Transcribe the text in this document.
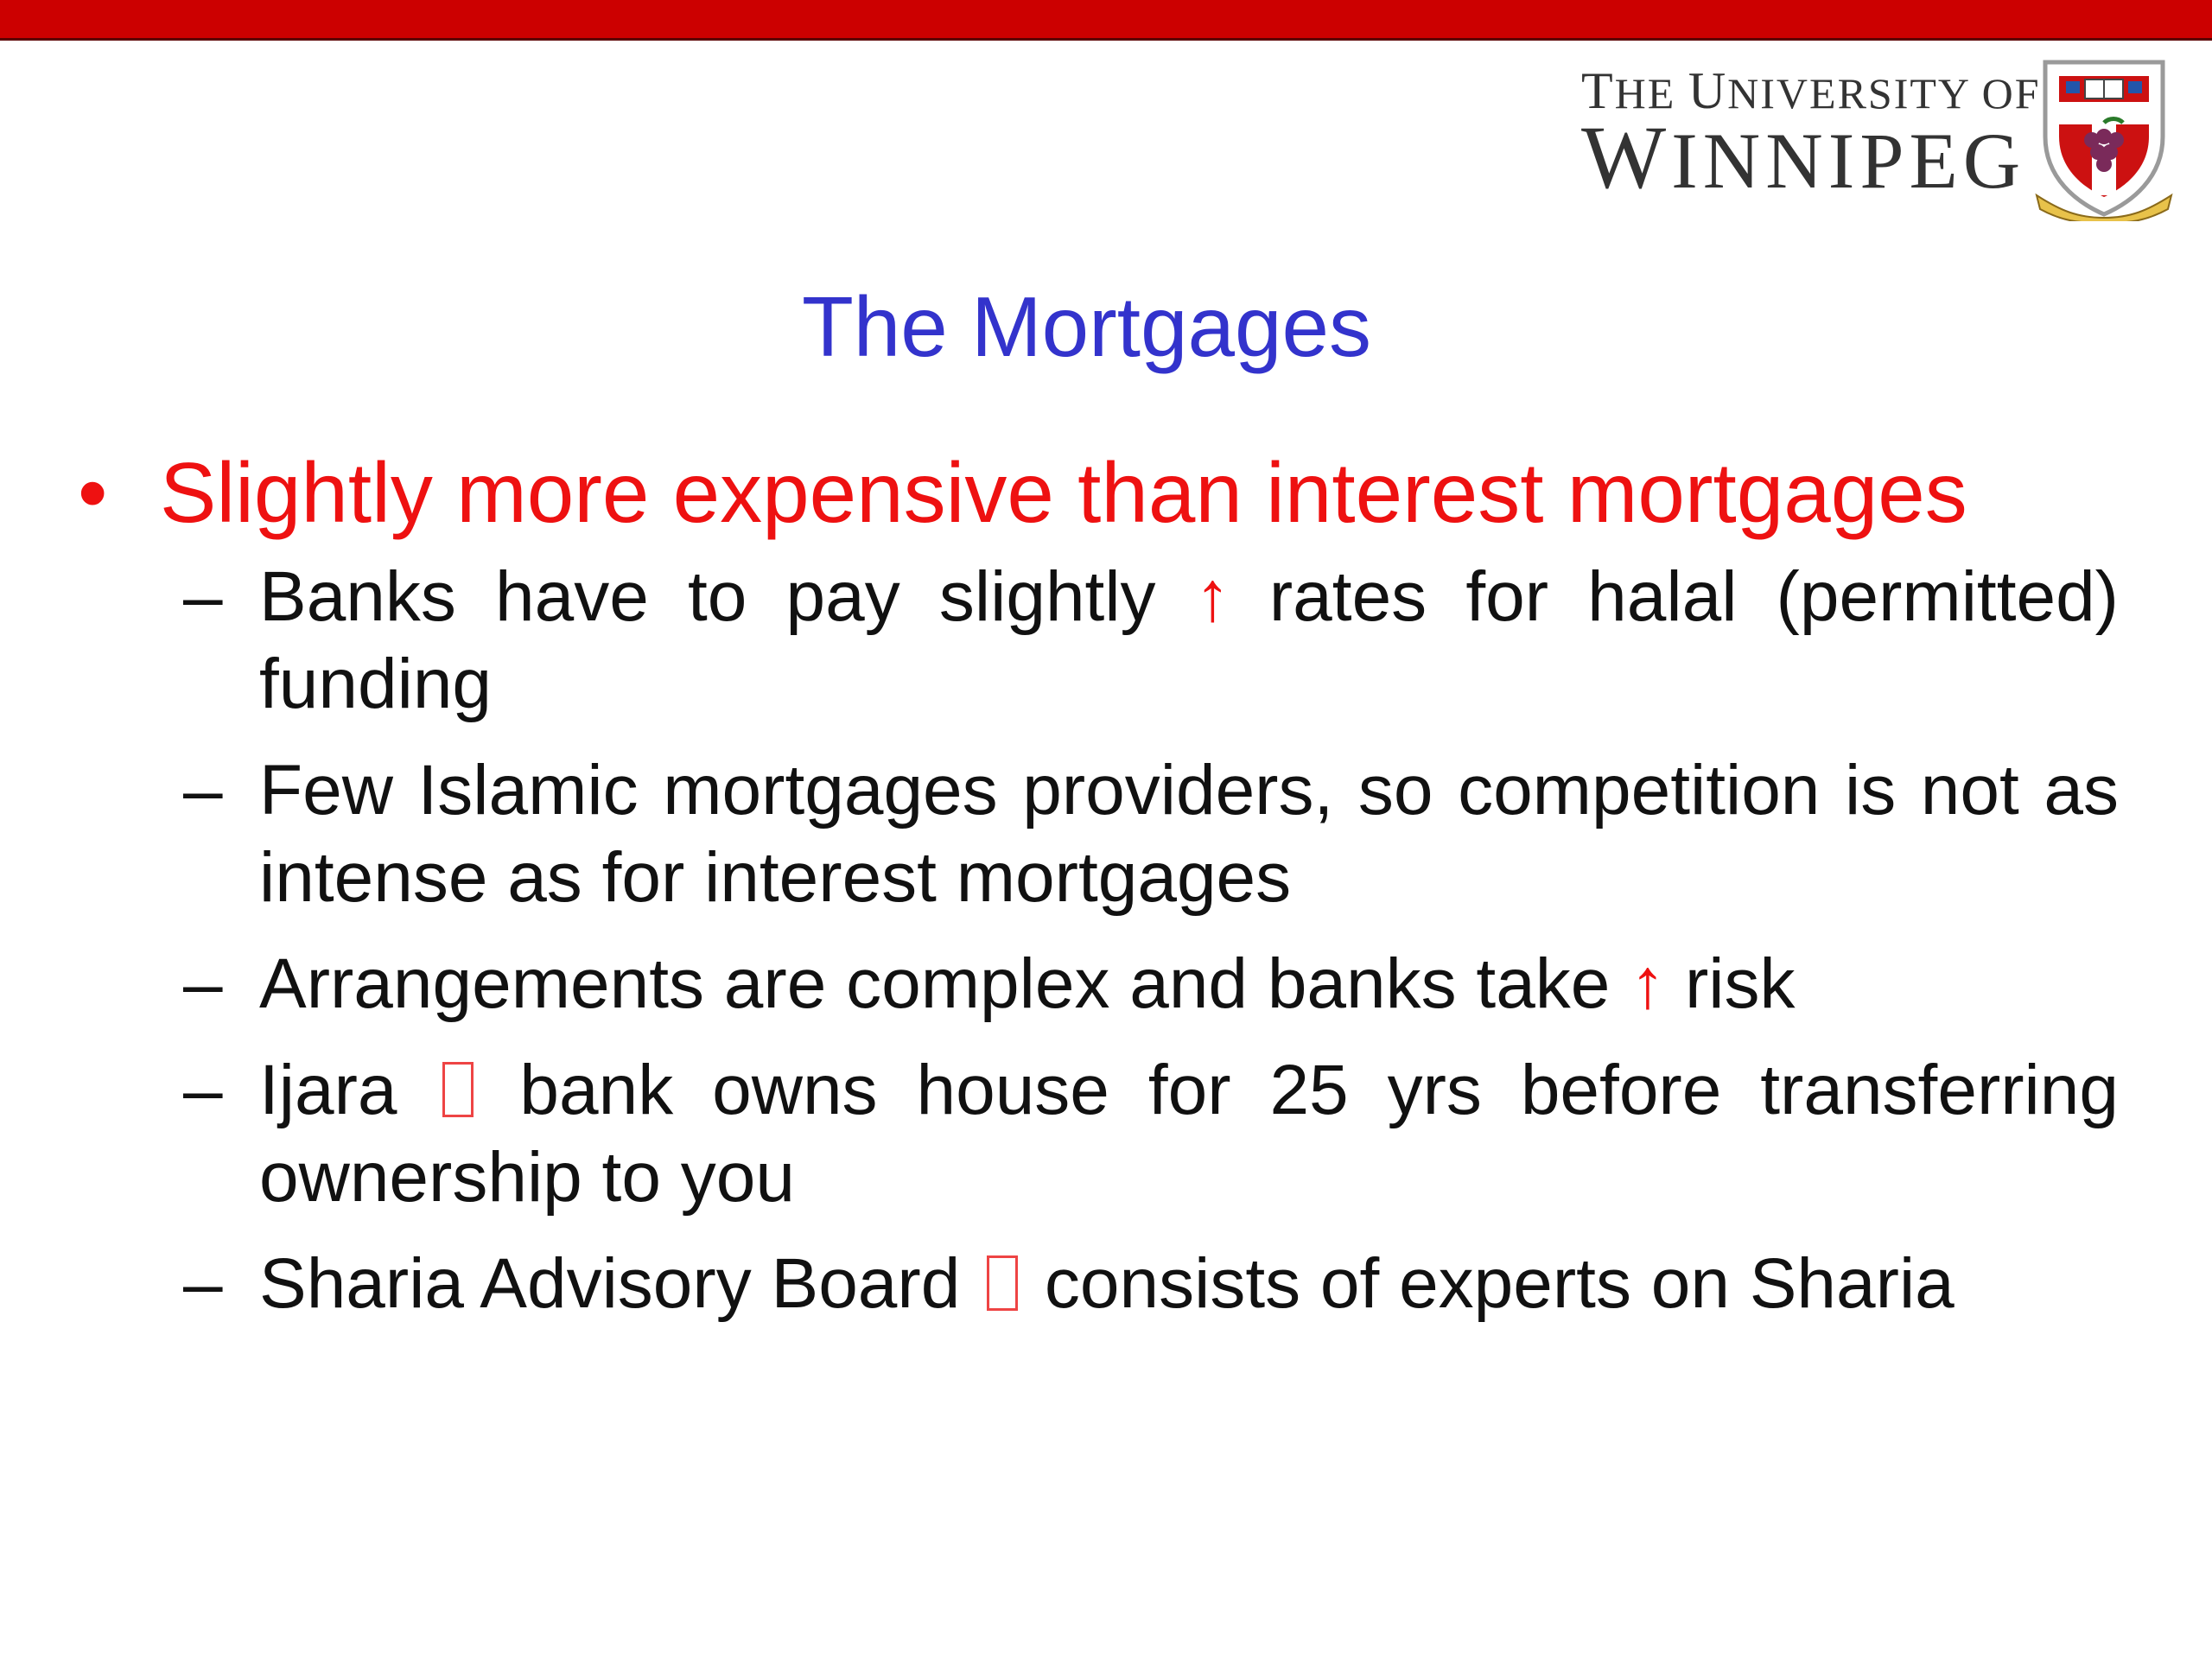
THE UNIVERSITY OF
WINNIPEG
The Mortgages
• Slightly more expensive than interest mortgages
– Banks have to pay slightly ↑ rates for halal (permitted) funding
– Few Islamic mortgages providers, so competition is not as intense as for interest mortgages
– Arrangements are complex and banks take ↑ risk
– Ijara bank owns house for 25 yrs before transferring ownership to you
– Sharia Advisory Board consists of experts on Sharia
